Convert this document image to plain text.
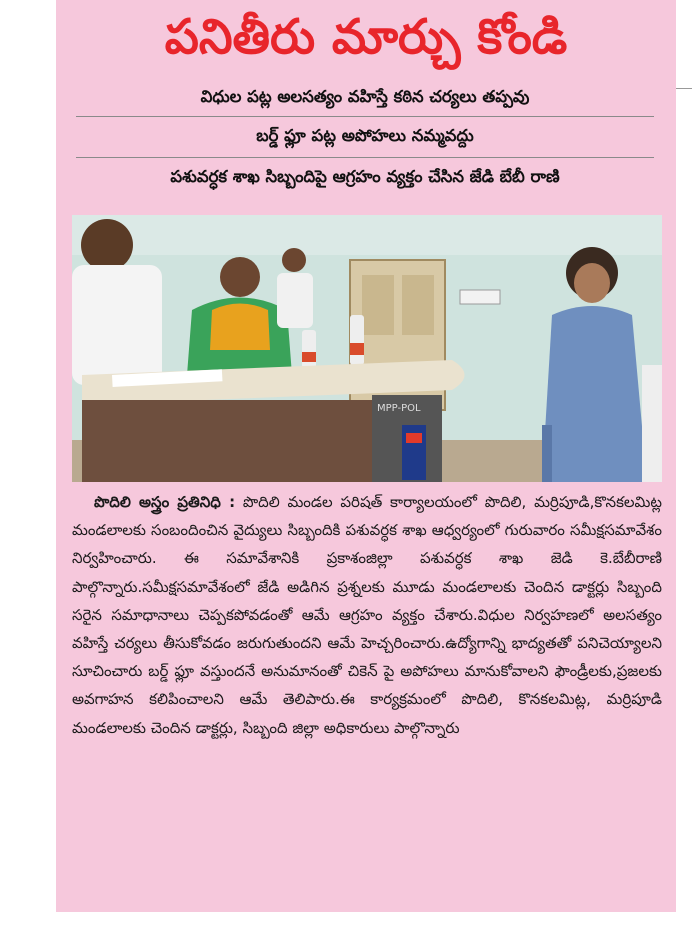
పనితీరు మార్చు కోండి
విధుల పట్ల అలసత్యం వహిస్తే కఠిన చర్యలు తప్పవు
బర్డ్ ఫ్లూ పట్ల అపోహలు నమ్మవద్దు
పశువర్ధక శాఖ సిబ్బందిపై ఆగ్రహం వ్యక్తం చేసిన జేడి బేబీ రాణి
MPP-POL

పొదిలి అస్త్రం ప్రతినిధి : పొదిలి మండల పరిషత్ కార్యాలయంలో పొదిలి, మర్రిపూడి,కొనకలమిట్ల మండలాలకు సంబందించిన వైద్యులు సిబ్బందికి పశువర్ధక శాఖ ఆధ్వర్యంలో గురువారం సమీక్షసమావేశం నిర్వహించారు. ఈ సమావేశానికి ప్రకాశంజిల్లా పశువర్ధక శాఖ జెడి కె.బేబీరాణి పాల్గొన్నారు.సమీక్షసమావేశంలో జేడి అడిగిన ప్రశ్నలకు మూడు మండలాలకు చెందిన డాక్టర్లు సిబ్బంది సరైన సమాధానాలు చెప్పకపోవడంతో ఆమే ఆగ్రహం వ్యక్తం చేశారు.విధుల నిర్వహణలో అలసత్యం వహిస్తే చర్యలు తీసుకోవడం జరుగుతుందని ఆమే హెచ్చరించారు.ఉద్యోగాన్ని భాద్యతతో పనిచెయ్యాలని సూచించారు బర్డ్ ఫ్లూ వస్తుందనే అనుమానంతో చికెన్ పై అపోహలు మానుకోవాలని ఫౌండ్రీలకు,ప్రజలకు అవగాహన కలిపించాలని ఆమే తెలిపారు.ఈ కార్యక్రమంలో పొదిలి, కొనకలమిట్ల, మర్రిపూడి మండలాలకు చెందిన డాక్టర్లు, సిబ్బంది జిల్లా అధికారులు పాల్గొన్నారు
